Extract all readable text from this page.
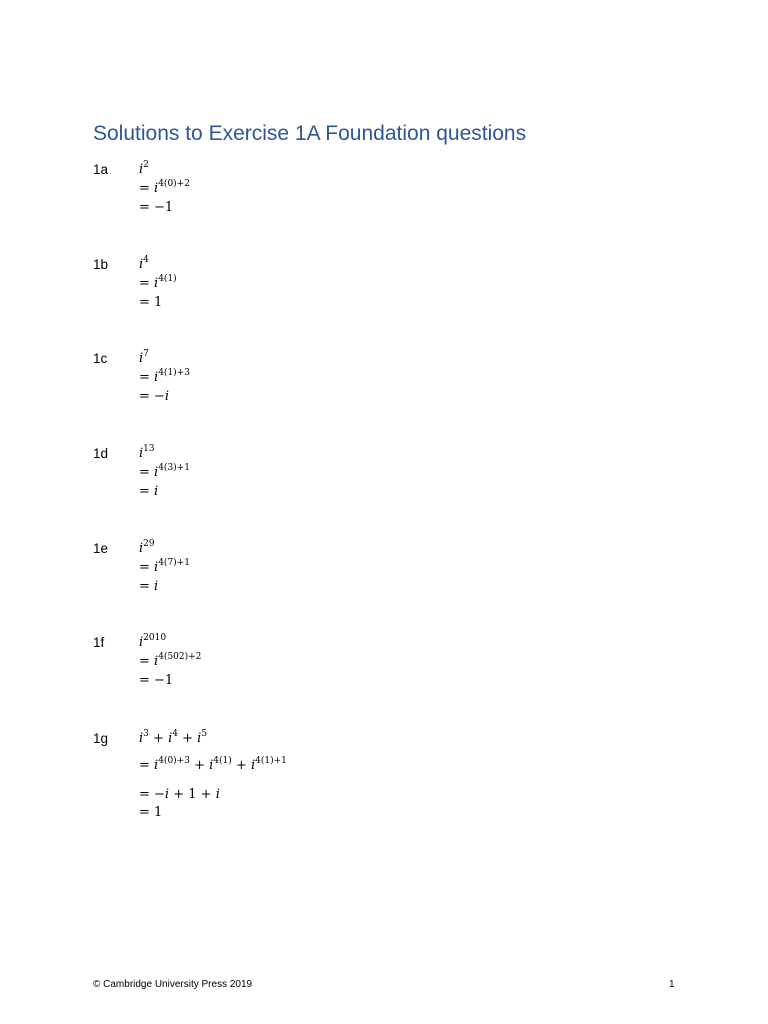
Solutions to Exercise 1A Foundation questions
1a $i^2$
= $i^{4(0)+2}$
= −1
1b $i^4$
= $i^{4(1)}$
= 1
1c $i^7$
= $i^{4(1)+3}$
= −i
1d $i^{13}$
= $i^{4(3)+1}$
= i
1e $i^{29}$
= $i^{4(7)+1}$
= i
1f	$i^{2010}$
= $i^{4(502)+2}$
= −1
1g $i^3 + i^4 + i^5$
= $i^{4(0)+3} + i^{4(1)} + i^{4(1)+1}$
= −i + 1 + i
= 1
© Cambridge University Press 2019	1
